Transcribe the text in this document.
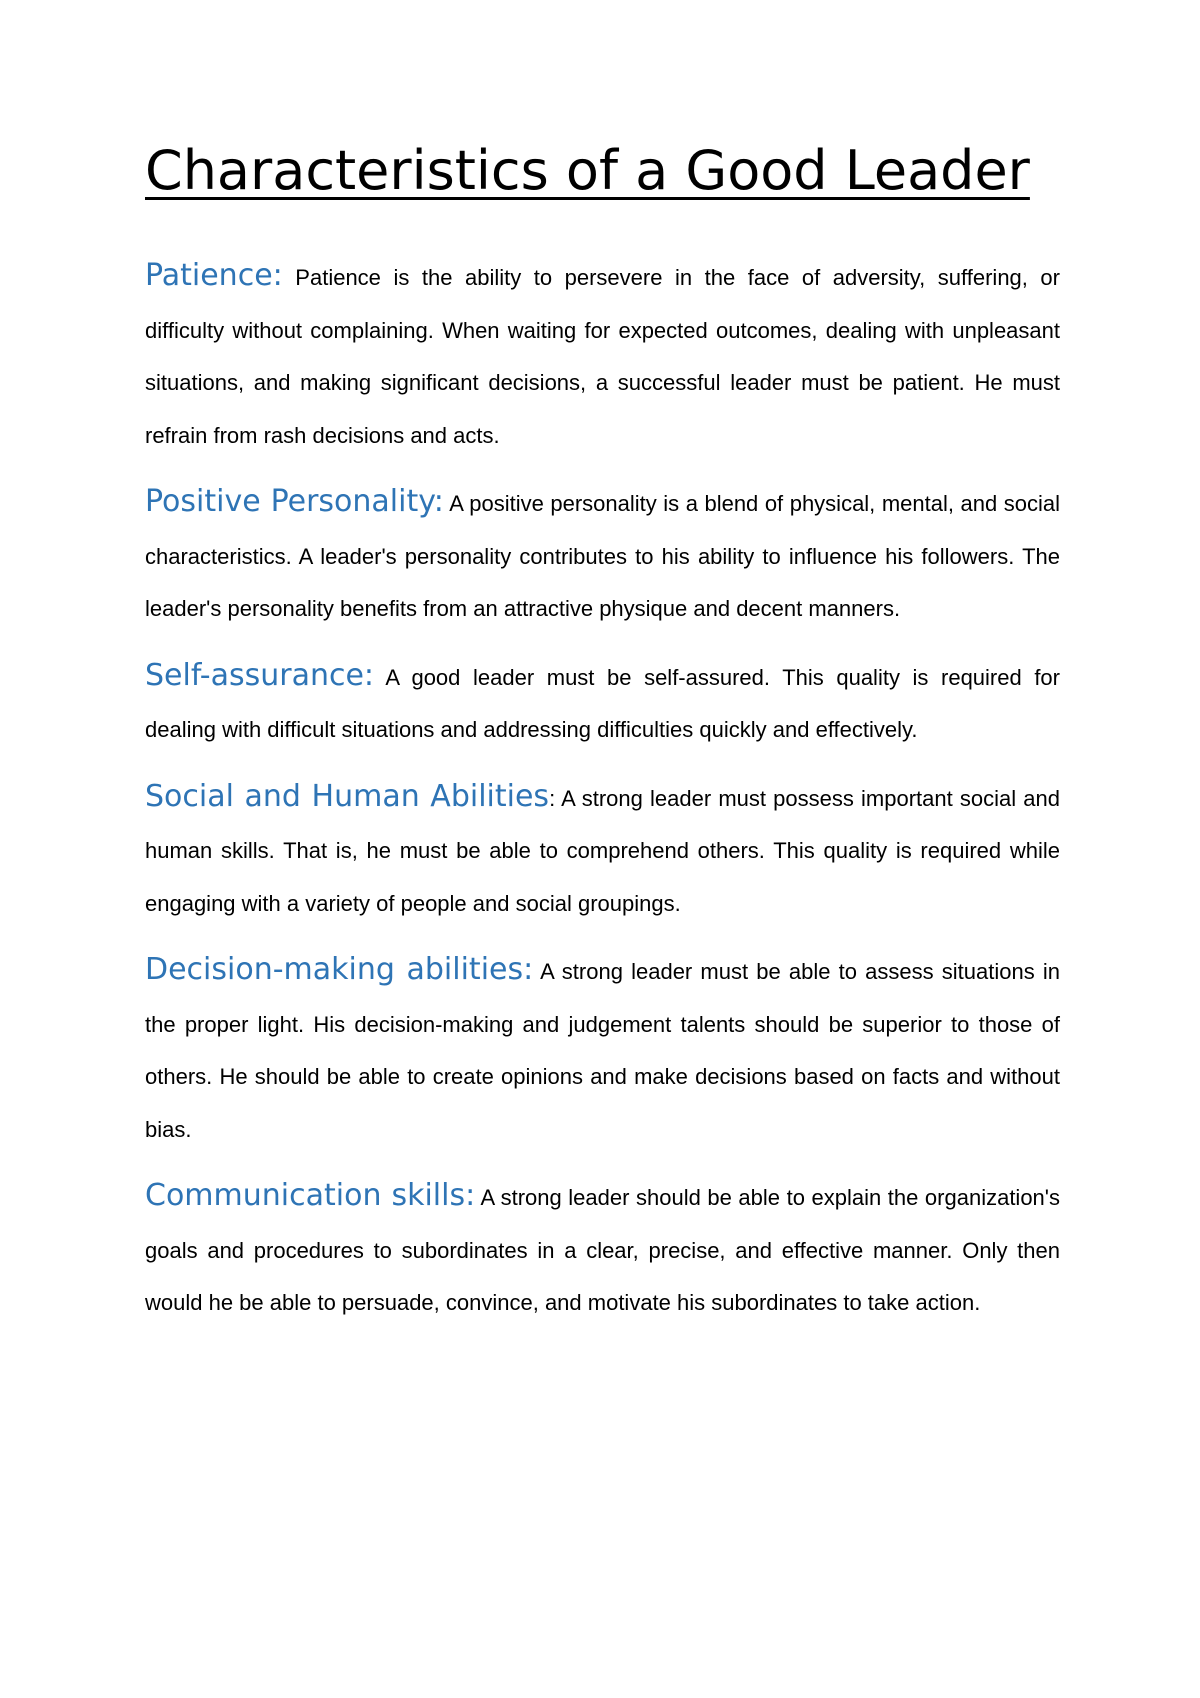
Characteristics of a Good Leader

Patience: Patience is the ability to persevere in the face of adversity, suffering, or difficulty without complaining. When waiting for expected outcomes, dealing with unpleasant situations, and making significant decisions, a successful leader must be patient. He must refrain from rash decisions and acts.

Positive Personality: A positive personality is a blend of physical, mental, and social characteristics. A leader's personality contributes to his ability to influence his followers. The leader's personality benefits from an attractive physique and decent manners.

Self-assurance: A good leader must be self-assured. This quality is required for dealing with difficult situations and addressing difficulties quickly and effectively.

Social and Human Abilities: A strong leader must possess important social and human skills. That is, he must be able to comprehend others. This quality is required while engaging with a variety of people and social groupings.

Decision-making abilities: A strong leader must be able to assess situations in the proper light. His decision-making and judgement talents should be superior to those of others. He should be able to create opinions and make decisions based on facts and without bias.

Communication skills: A strong leader should be able to explain the organization's goals and procedures to subordinates in a clear, precise, and effective manner. Only then would he be able to persuade, convince, and motivate his subordinates to take action.
